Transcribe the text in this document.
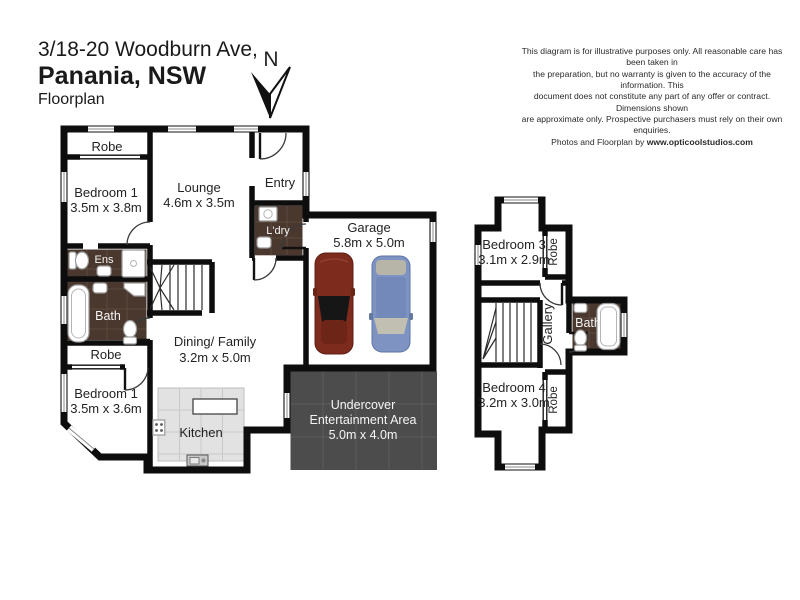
3/18-20 Woodburn Ave,
Panania, NSW
Floorplan
This diagram is for illustrative purposes only. All reasonable care has been taken in
the preparation, but no warranty is given to the accuracy of the information. This
document does not constitute any part of any offer or contract. Dimensions shown
are approximate only. Prospective purchasers must rely on their own enquiries.
Photos and Floorplan by www.opticoolstudios.com
N
Robe
Bedroom 1
3.5m x 3.8m
Lounge
4.6m x 3.5m
Entry
L'dry
Ens
Bath
Robe
Bedroom 1
3.5m x 3.6m
Dining/ Family
3.2m x 5.0m
Kitchen
Garage
5.8m x 5.0m
Undercover
Entertainment Area
5.0m x 4.0m
Bedroom 3
3.1m x 2.9m
Robe
Gallery Bath
Bedroom 4
3.2m x 3.0m
Robe
